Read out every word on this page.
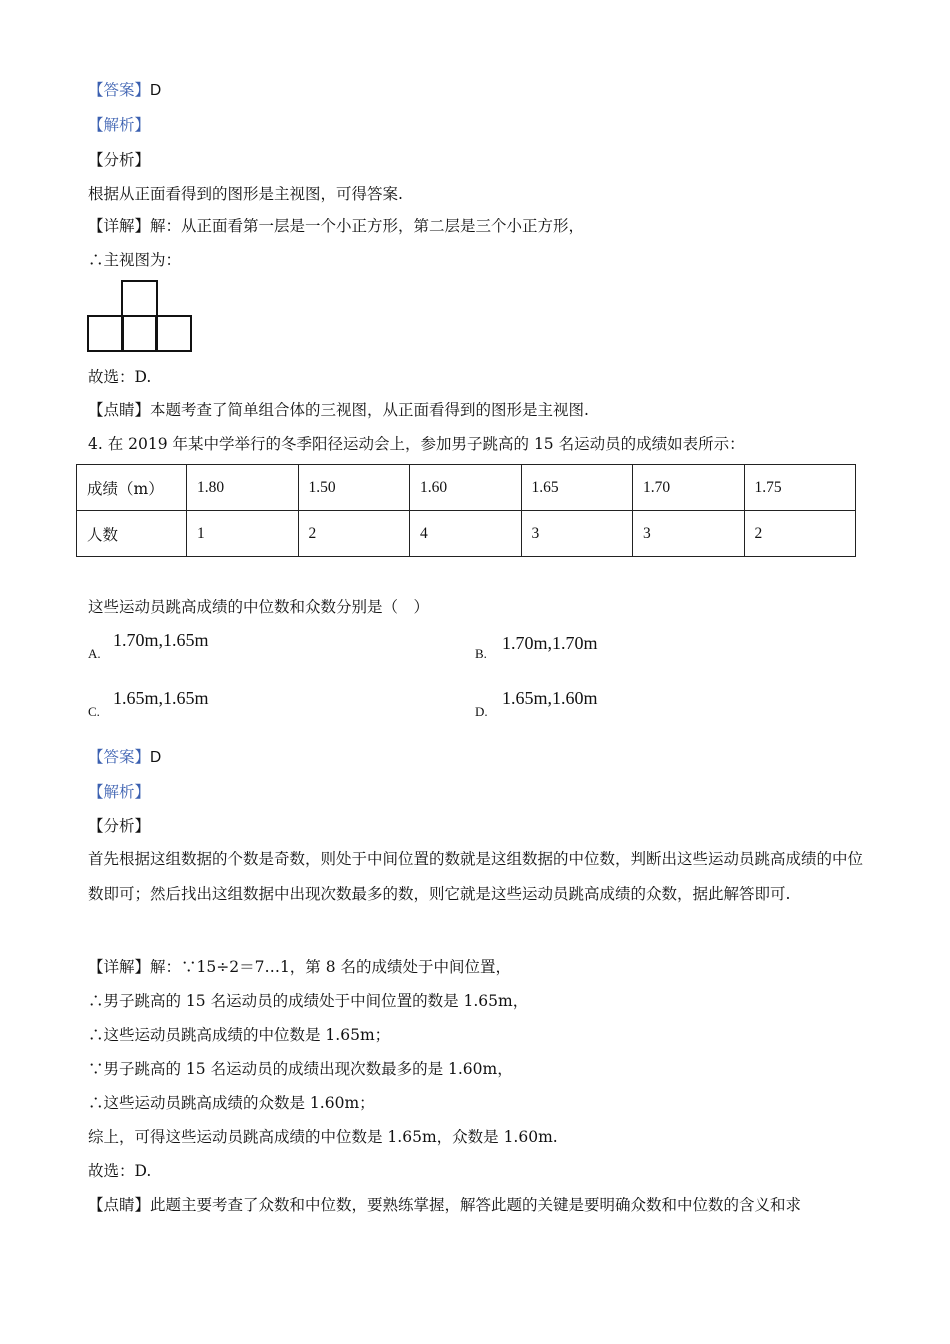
【答案】D
【解析】
【分析】
根据从正面看得到的图形是主视图，可得答案.
【详解】解：从正面看第一层是一个小正方形，第二层是三个小正方形，
∴主视图为：
故选：D.
【点睛】本题考查了简单组合体的三视图，从正面看得到的图形是主视图.
4. 在 2019 年某中学举行的冬季阳径运动会上，参加男子跳高的 15 名运动员的成绩如表所示：
成绩（m）	1.80	1.50	1.60	1.65	1.70	1.75
人数	1	2	4	3	3	2
这些运动员跳高成绩的中位数和众数分别是（　）
A.
1.70m,1.65m
B.
1.70m,1.70m
C.
1.65m,1.65m
D.
1.65m,1.60m
【答案】D
【解析】
【分析】
首先根据这组数据的个数是奇数，则处于中间位置的数就是这组数据的中位数，判断出这些运动员跳高成绩的中位数即可；然后找出这组数据中出现次数最多的数，则它就是这些运动员跳高成绩的众数，据此解答即可.
【详解】解：∵15÷2＝7…1，第 8 名的成绩处于中间位置，
∴男子跳高的 15 名运动员的成绩处于中间位置的数是 1.65m，
∴这些运动员跳高成绩的中位数是 1.65m；
∵男子跳高的 15 名运动员的成绩出现次数最多的是 1.60m，
∴这些运动员跳高成绩的众数是 1.60m；
综上，可得这些运动员跳高成绩的中位数是 1.65m，众数是 1.60m.
故选：D.
【点睛】此题主要考查了众数和中位数，要熟练掌握，解答此题的关键是要明确众数和中位数的含义和求
